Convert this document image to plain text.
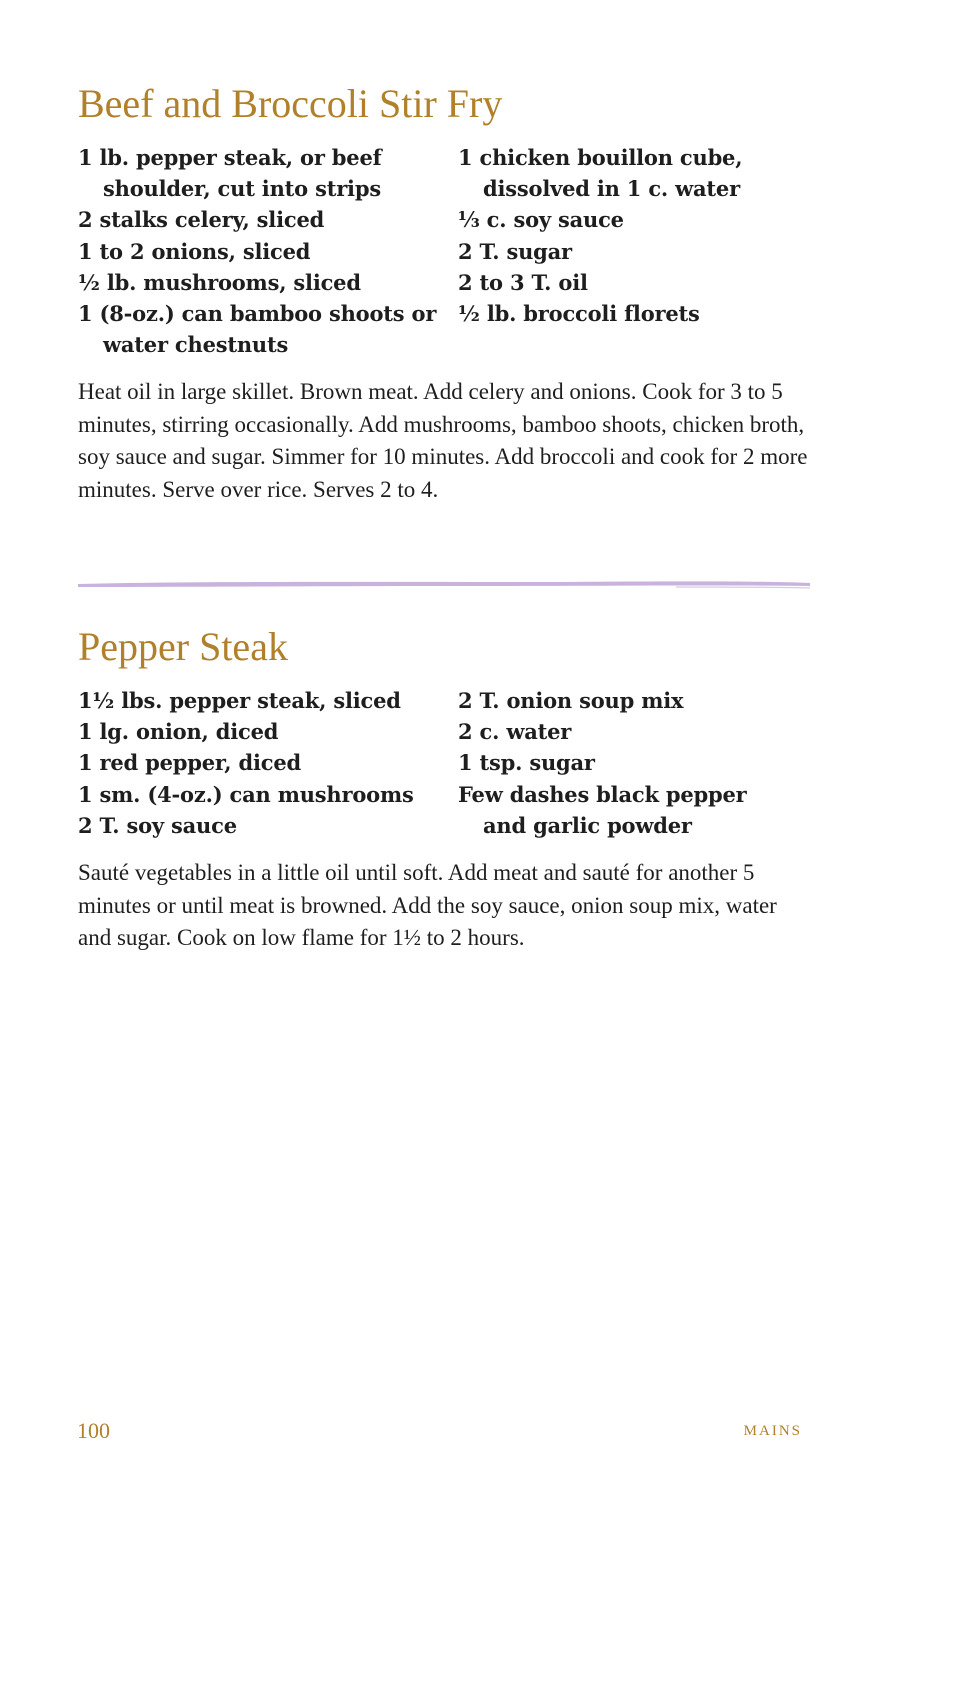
Beef and Broccoli Stir Fry
1 lb. pepper steak, or beef
shoulder, cut into strips
2 stalks celery, sliced
1 to 2 onions, sliced
½ lb. mushrooms, sliced
1 (8-oz.) can bamboo shoots or
water chestnuts
1 chicken bouillon cube,
dissolved in 1 c. water
⅓ c. soy sauce
2 T. sugar
2 to 3 T. oil
½ lb. broccoli florets

Heat oil in large skillet. Brown meat. Add celery and onions. Cook for 3 to 5 minutes, stirring occasionally. Add mushrooms, bamboo shoots, chicken broth, soy sauce and sugar. Simmer for 10 minutes. Add broccoli and cook for 2 more minutes. Serve over rice. Serves 2 to 4.

Pepper Steak
1½ lbs. pepper steak, sliced
1 lg. onion, diced
1 red pepper, diced
1 sm. (4-oz.) can mushrooms
2 T. soy sauce
2 T. onion soup mix
2 c. water
1 tsp. sugar
Few dashes black pepper
and garlic powder

Sauté vegetables in a little oil until soft. Add meat and sauté for another 5 minutes or until meat is browned. Add the soy sauce, onion soup mix, water and sugar. Cook on low flame for 1½ to 2 hours.

100	MAINS
